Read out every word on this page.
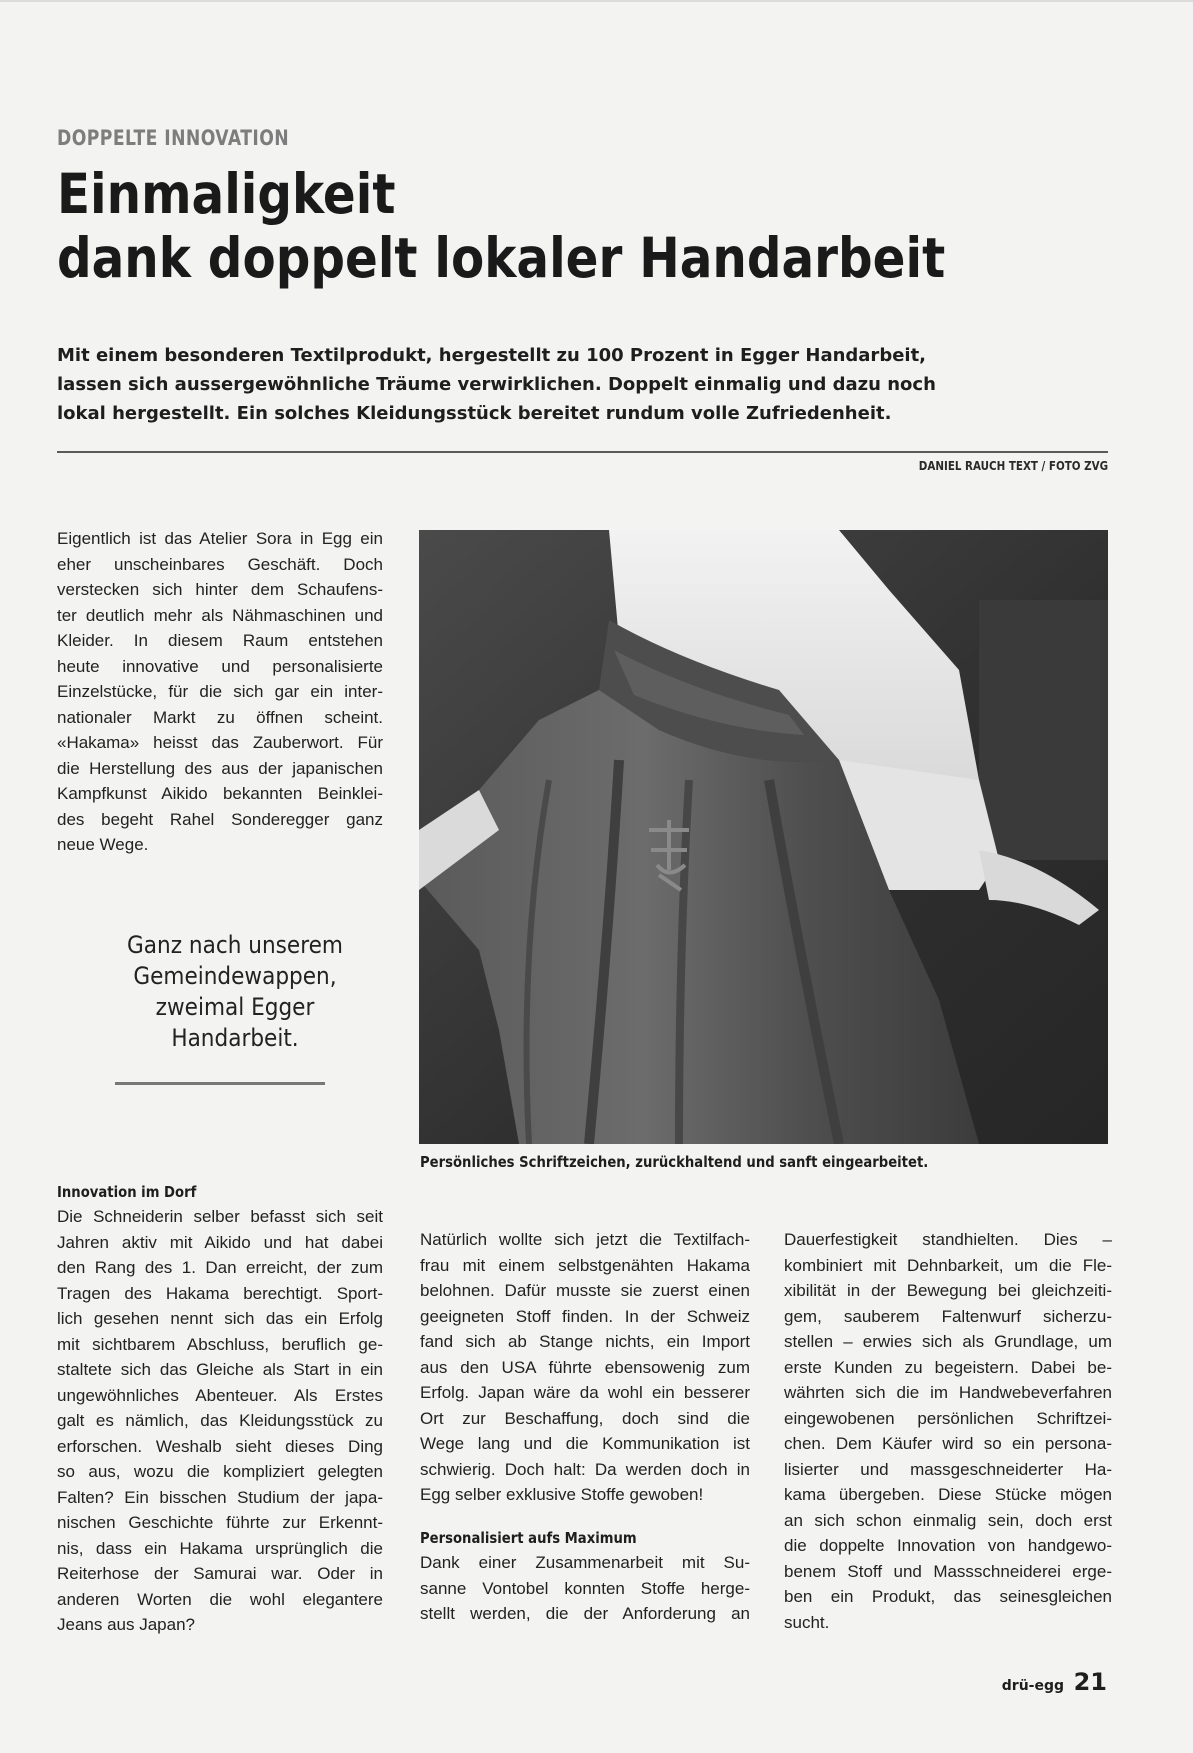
DOPPELTE INNOVATION
Einmaligkeit
dank doppelt lokaler Handarbeit

Mit einem besonderen Textilprodukt, hergestellt zu 100 Prozent in Egger Handarbeit,
lassen sich aussergewöhnliche Träume verwirklichen. Doppelt einmalig und dazu noch
lokal hergestellt. Ein solches Kleidungsstück bereitet rundum volle Zufriedenheit.

DANIEL RAUCH TEXT / FOTO ZVG

Eigentlich ist das Atelier Sora in Egg ein
eher unscheinbares Geschäft. Doch
verstecken sich hinter dem Schaufens-
ter deutlich mehr als Nähmaschinen und
Kleider. In diesem Raum entstehen
heute innovative und personalisierte
Einzelstücke, für die sich gar ein inter-
nationaler Markt zu öffnen scheint.
«Hakama» heisst das Zauberwort. Für
die Herstellung des aus der japanischen
Kampfkunst Aikido bekannten Beinklei-
des begeht Rahel Sonderegger ganz
neue Wege.

Ganz nach unserem
Gemeindewappen,
zweimal Egger
Handarbeit.

Innovation im Dorf

Die Schneiderin selber befasst sich seit
Jahren aktiv mit Aikido und hat dabei
den Rang des 1. Dan erreicht, der zum
Tragen des Hakama berechtigt. Sport-
lich gesehen nennt sich das ein Erfolg
mit sichtbarem Abschluss, beruflich ge-
staltete sich das Gleiche als Start in ein
ungewöhnliches Abenteuer. Als Erstes
galt es nämlich, das Kleidungsstück zu
erforschen. Weshalb sieht dieses Ding
so aus, wozu die kompliziert gelegten
Falten? Ein bisschen Studium der japa-
nischen Geschichte führte zur Erkennt-
nis, dass ein Hakama ursprünglich die
Reiterhose der Samurai war. Oder in
anderen Worten die wohl elegantere
Jeans aus Japan?

Persönliches Schriftzeichen, zurückhaltend und sanft eingearbeitet.

Natürlich wollte sich jetzt die Textilfach-
frau mit einem selbstgenähten Hakama
belohnen. Dafür musste sie zuerst einen
geeigneten Stoff finden. In der Schweiz
fand sich ab Stange nichts, ein Import
aus den USA führte ebensowenig zum
Erfolg. Japan wäre da wohl ein besserer
Ort zur Beschaffung, doch sind die
Wege lang und die Kommunikation ist
schwierig. Doch halt: Da werden doch in
Egg selber exklusive Stoffe gewoben!

Personalisiert aufs Maximum

Dank einer Zusammenarbeit mit Su-
sanne Vontobel konnten Stoffe herge-
stellt werden, die der Anforderung an

Dauerfestigkeit standhielten. Dies –
kombiniert mit Dehnbarkeit, um die Fle-
xibilität in der Bewegung bei gleichzeiti-
gem, sauberem Faltenwurf sicherzu-
stellen – erwies sich als Grundlage, um
erste Kunden zu begeistern. Dabei be-
währten sich die im Handwebeverfahren
eingewobenen persönlichen Schriftzei-
chen. Dem Käufer wird so ein persona-
lisierter und massgeschneiderter Ha-
kama übergeben. Diese Stücke mögen
an sich schon einmalig sein, doch erst
die doppelte Innovation von handgewo-
benem Stoff und Massschneiderei erge-
ben ein Produkt, das seinesgleichen
sucht.

drü-egg 21
